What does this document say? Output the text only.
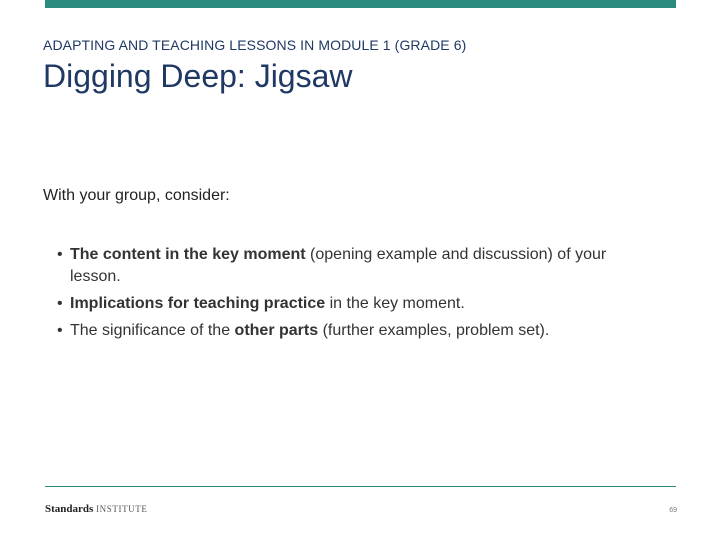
ADAPTING AND TEACHING LESSONS IN MODULE 1 (GRADE 6)
Digging Deep: Jigsaw
With your group, consider:
• The content in the key moment (opening example and discussion) of your lesson.
• Implications for teaching practice in the key moment.
• The significance of the other parts (further examples, problem set).
Standards INSTITUTE	69
